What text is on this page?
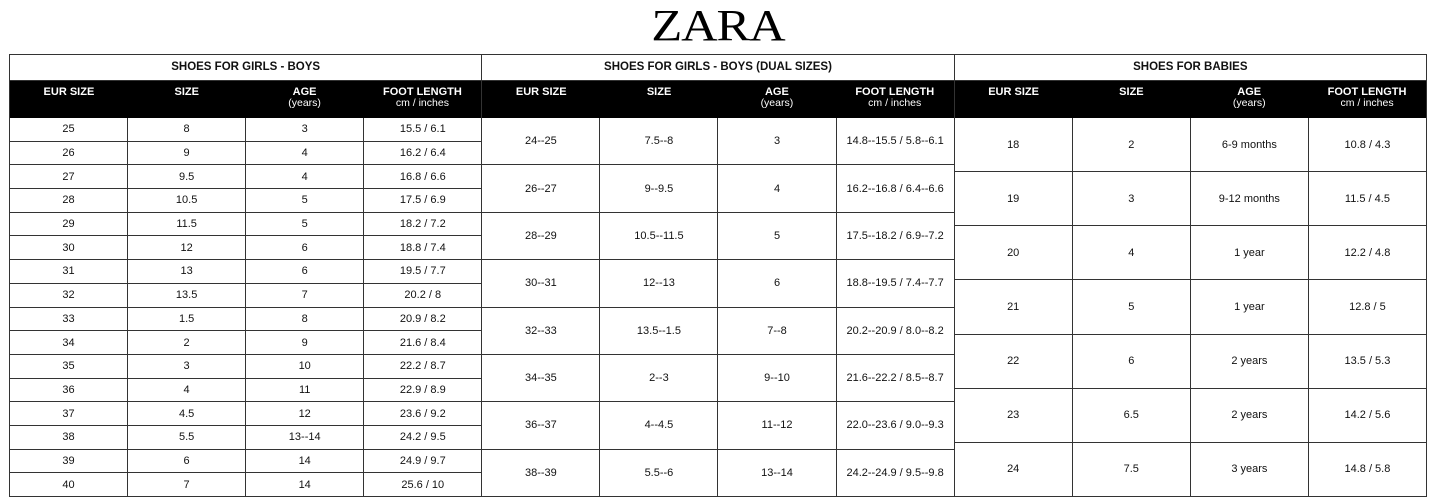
ZARA
SHOES FOR GIRLS - BOYS
EUR SIZE	SIZE	AGE
(years)
FOOT LENGTH
cm / inches
25	8	3	15.5 / 6.1
26	9	4	16.2 / 6.4
27	9.5	4	16.8 / 6.6
28	10.5	5	17.5 / 6.9
29	11.5	5	18.2 / 7.2
30	12	6	18.8 / 7.4
31	13	6	19.5 / 7.7
32	13.5	7	20.2 / 8
33	1.5	8	20.9 / 8.2
34	2	9	21.6 / 8.4
35	3	10	22.2 / 8.7
36	4	11	22.9 / 8.9
37	4.5	12	23.6 / 9.2
38	5.5	13--14	24.2 / 9.5
39	6	14	24.9 / 9.7
40	7	14	25.6 / 10
SHOES FOR GIRLS - BOYS (DUAL SIZES)
EUR SIZE	SIZE	AGE
(years)
FOOT LENGTH
cm / inches
24--25	7.5--8	3	14.8--15.5 / 5.8--6.1
26--27	9--9.5	4	16.2--16.8 / 6.4--6.6
28--29	10.5--11.5	5	17.5--18.2 / 6.9--7.2
30--31	12--13	6	18.8--19.5 / 7.4--7.7
32--33	13.5--1.5	7--8	20.2--20.9 / 8.0--8.2
34--35	2--3	9--10	21.6--22.2 / 8.5--8.7
36--37	4--4.5	11--12	22.0--23.6 / 9.0--9.3
38--39	5.5--6	13--14	24.2--24.9 / 9.5--9.8
SHOES FOR BABIES
EUR SIZE	SIZE	AGE
(years)
FOOT LENGTH
cm / inches
18	2	6-9 months	10.8 / 4.3
19	3	9-12 months	11.5 / 4.5
20	4	1 year	12.2 / 4.8
21	5	1 year	12.8 / 5
22	6	2 years	13.5 / 5.3
23	6.5	2 years	14.2 / 5.6
24	7.5	3 years	14.8 / 5.8
